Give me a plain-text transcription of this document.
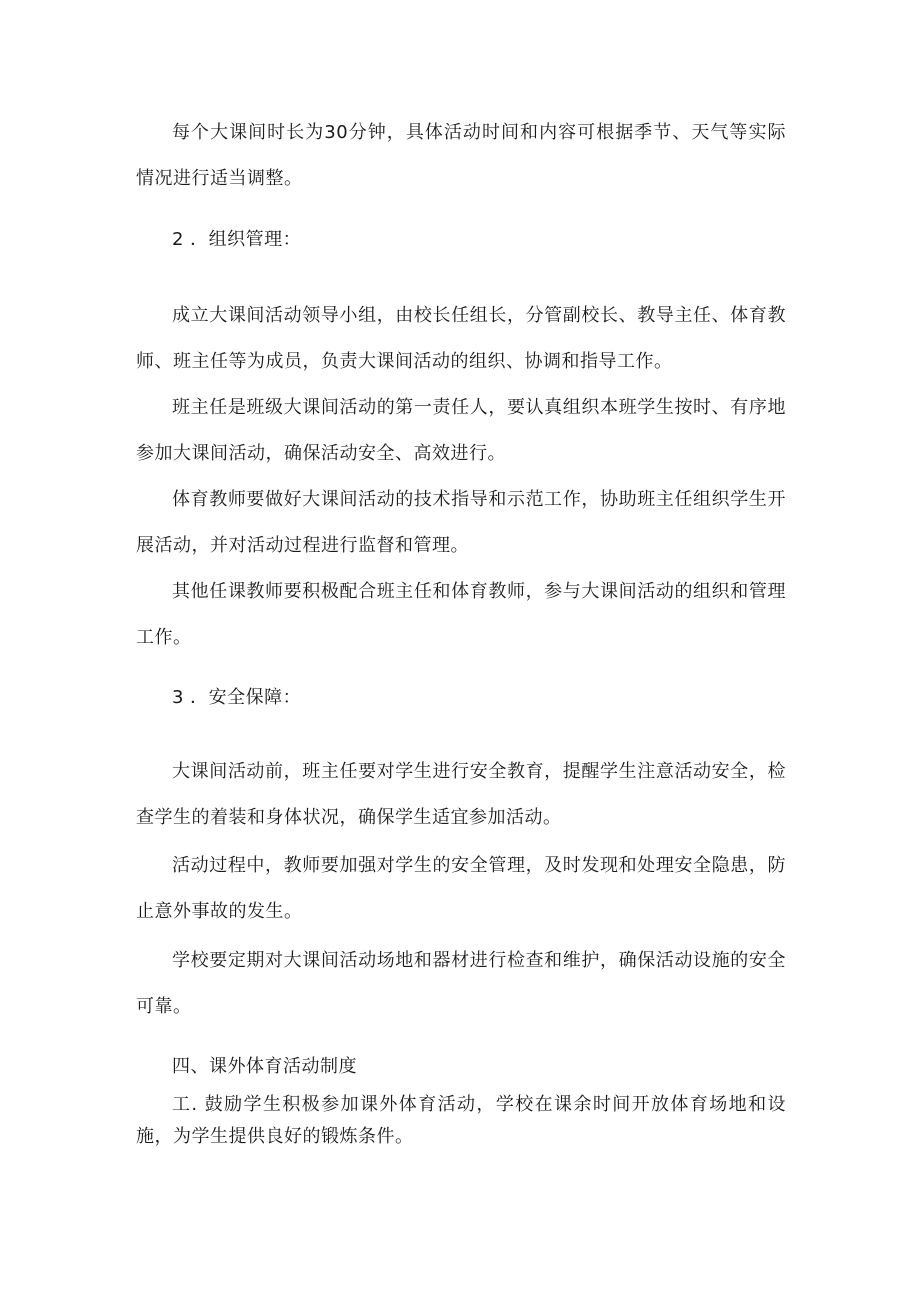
每个大课间时长为30分钟，具体活动时间和内容可根据季节、天气等实际情况进行适当调整。

2 ．组织管理：

成立大课间活动领导小组，由校长任组长，分管副校长、教导主任、体育教师、班主任等为成员，负责大课间活动的组织、协调和指导工作。

班主任是班级大课间活动的第一责任人，要认真组织本班学生按时、有序地参加大课间活动，确保活动安全、高效进行。

体育教师要做好大课间活动的技术指导和示范工作，协助班主任组织学生开展活动，并对活动过程进行监督和管理。

其他任课教师要积极配合班主任和体育教师，参与大课间活动的组织和管理工作。

3 ．安全保障：

大课间活动前，班主任要对学生进行安全教育，提醒学生注意活动安全，检查学生的着装和身体状况，确保学生适宜参加活动。

活动过程中，教师要加强对学生的安全管理，及时发现和处理安全隐患，防止意外事故的发生。

学校要定期对大课间活动场地和器材进行检查和维护，确保活动设施的安全可靠。

四、课外体育活动制度

工. 鼓励学生积极参加课外体育活动，学校在课余时间开放体育场地和设施，为学生提供良好的锻炼条件。
